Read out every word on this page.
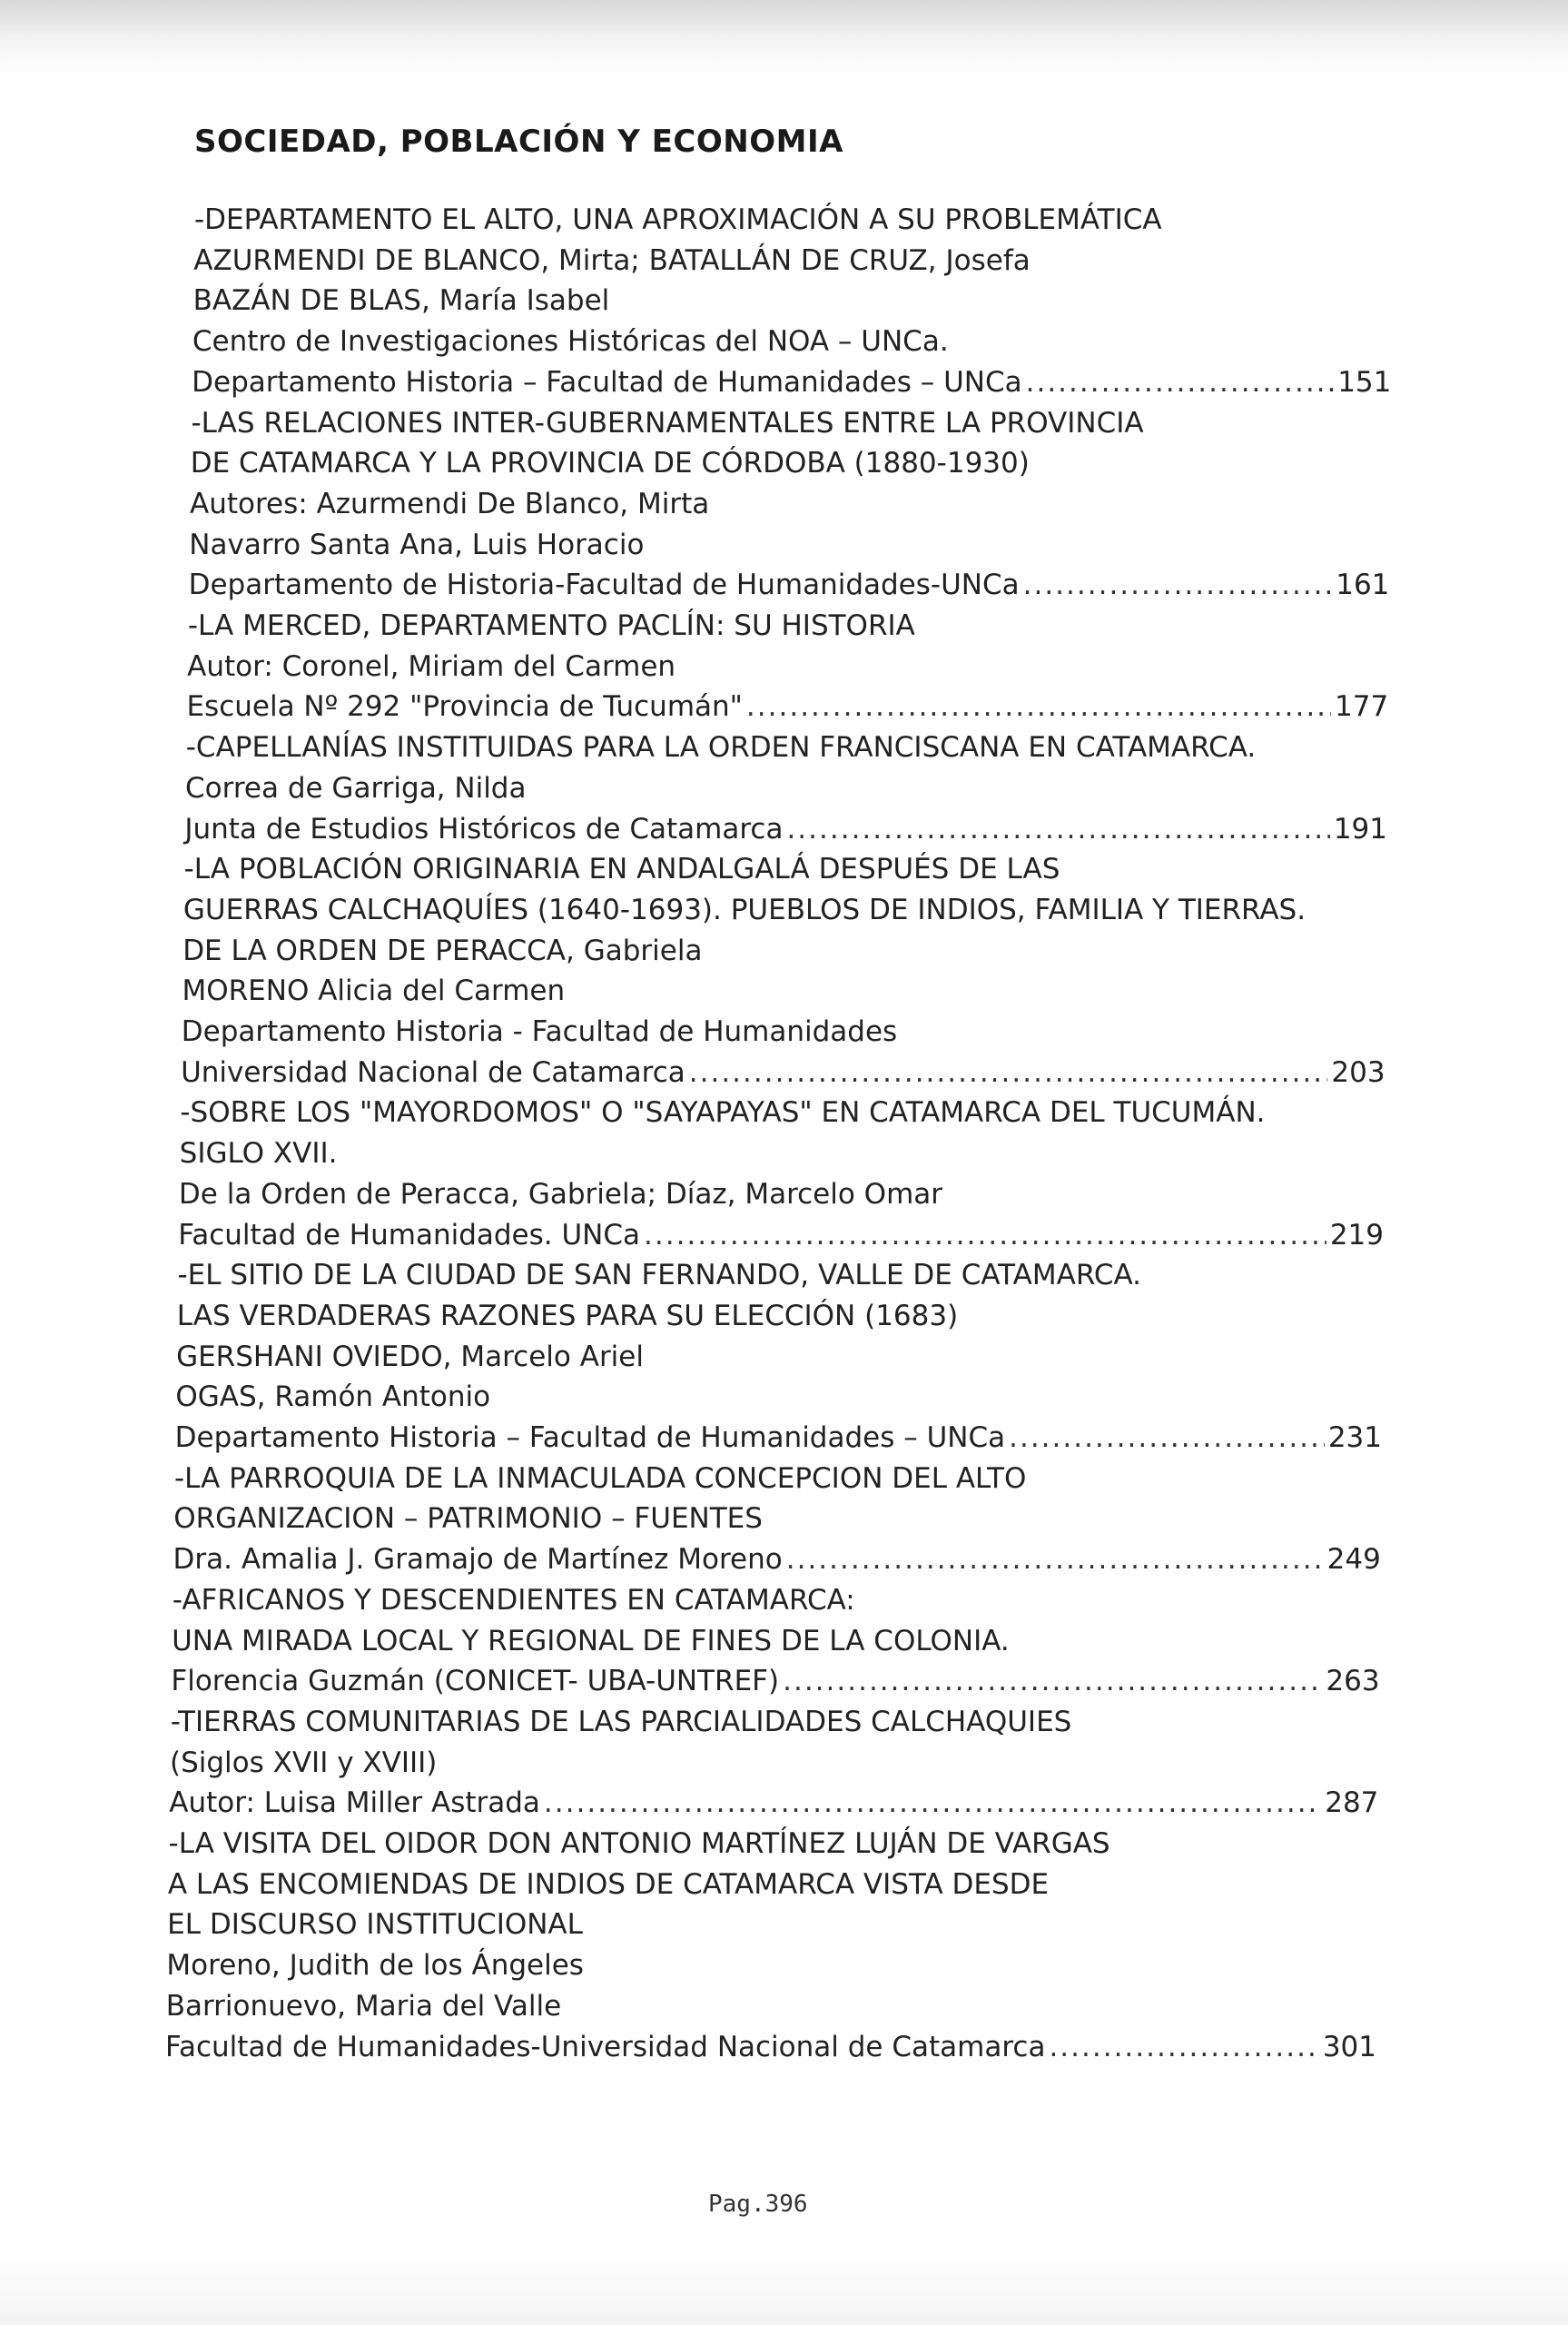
SOCIEDAD, POBLACIÓN Y ECONOMIA
-DEPARTAMENTO EL ALTO, UNA APROXIMACIÓN A SU PROBLEMÁTICA
AZURMENDI DE BLANCO, Mirta; BATALLÁN DE CRUZ, Josefa
BAZÁN DE BLAS, María Isabel
Centro de Investigaciones Históricas del NOA – UNCa.
Departamento Historia – Facultad de Humanidades – UNCa .....	151
-LAS RELACIONES INTER-GUBERNAMENTALES ENTRE LA PROVINCIA
DE CATAMARCA Y LA PROVINCIA DE CÓRDOBA (1880-1930)
Autores: Azurmendi De Blanco, Mirta
Navarro Santa Ana, Luis Horacio
Departamento de Historia-Facultad de Humanidades-UNCa .....	161
-LA MERCED, DEPARTAMENTO PACLÍN: SU HISTORIA
Autor: Coronel, Miriam del Carmen
Escuela Nº 292 "Provincia de Tucumán" .....	177
-CAPELLANÍAS INSTITUIDAS PARA LA ORDEN FRANCISCANA EN CATAMARCA.
Correa de Garriga, Nilda
Junta de Estudios Históricos de Catamarca .....	191
-LA POBLACIÓN ORIGINARIA EN ANDALGALÁ DESPUÉS DE LAS
GUERRAS CALCHAQUÍES (1640-1693). PUEBLOS DE INDIOS, FAMILIA Y TIERRAS.
DE LA ORDEN DE PERACCA, Gabriela
MORENO Alicia del Carmen
Departamento Historia - Facultad de Humanidades
Universidad Nacional de Catamarca .....	203
-SOBRE LOS "MAYORDOMOS" O "SAYAPAYAS" EN CATAMARCA DEL TUCUMÁN.
SIGLO XVII.
De la Orden de Peracca, Gabriela; Díaz, Marcelo Omar
Facultad de Humanidades. UNCa .....	219
-EL SITIO DE LA CIUDAD DE SAN FERNANDO, VALLE DE CATAMARCA.
LAS VERDADERAS RAZONES PARA SU ELECCIÓN (1683)
GERSHANI OVIEDO, Marcelo Ariel
OGAS, Ramón Antonio
Departamento Historia – Facultad de Humanidades – UNCa .....	231
-LA PARROQUIA DE LA INMACULADA CONCEPCION DEL ALTO
ORGANIZACION – PATRIMONIO – FUENTES
Dra. Amalia J. Gramajo de Martínez Moreno .....	249
-AFRICANOS Y DESCENDIENTES EN CATAMARCA:
UNA MIRADA LOCAL Y REGIONAL DE FINES DE LA COLONIA.
Florencia Guzmán (CONICET- UBA-UNTREF) .....	263
-TIERRAS COMUNITARIAS DE LAS PARCIALIDADES CALCHAQUIES
(Siglos XVII y XVIII)
Autor: Luisa Miller Astrada .....	287
-LA VISITA DEL OIDOR DON ANTONIO MARTÍNEZ LUJÁN DE VARGAS
A LAS ENCOMIENDAS DE INDIOS DE CATAMARCA VISTA DESDE
EL DISCURSO INSTITUCIONAL
Moreno, Judith de los Ángeles
Barrionuevo, Maria del Valle
Facultad de Humanidades-Universidad Nacional de Catamarca .....	301
Pag.396
